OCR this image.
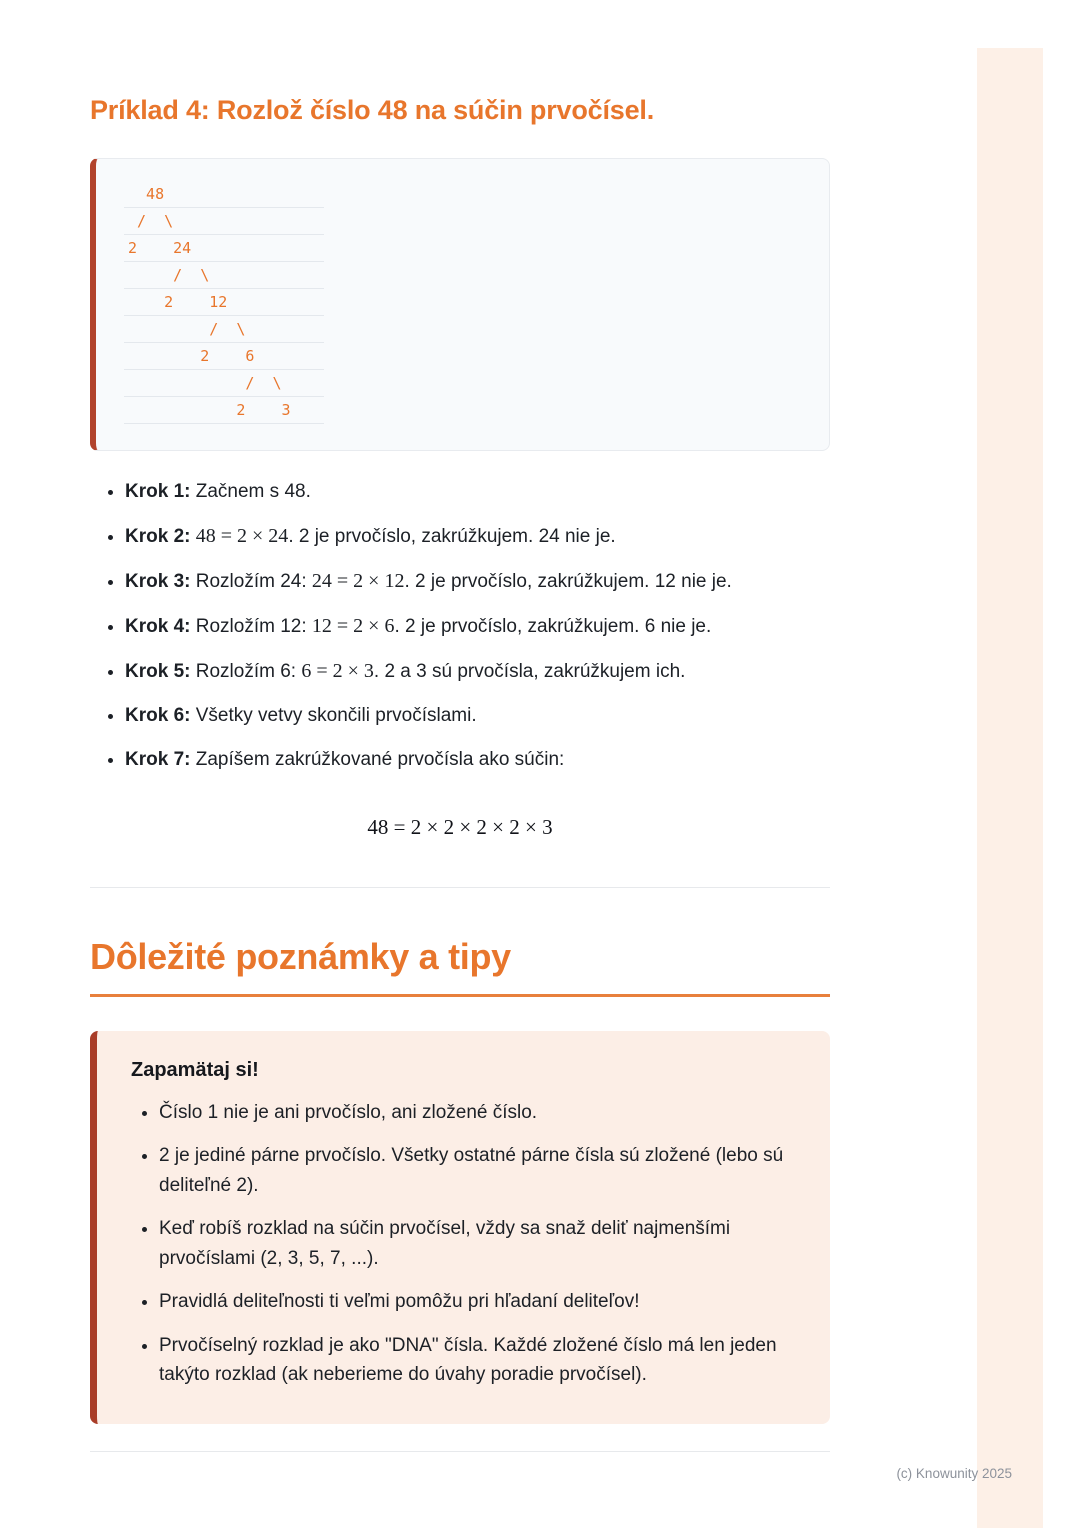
Príklad 4: Rozlož číslo 48 na súčin prvočísel.
48
/  \
2    24
/  \
2    12
/  \
2    6
/  \
2    3
• Krok 1: Začnem s 48.
• Krok 2: 48 = 2 × 24. 2 je prvočíslo, zakrúžkujem. 24 nie je.
• Krok 3: Rozložím 24: 24 = 2 × 12. 2 je prvočíslo, zakrúžkujem. 12 nie je.
• Krok 4: Rozložím 12: 12 = 2 × 6. 2 je prvočíslo, zakrúžkujem. 6 nie je.
• Krok 5: Rozložím 6: 6 = 2 × 3. 2 a 3 sú prvočísla, zakrúžkujem ich.
• Krok 6: Všetky vetvy skončili prvočíslami.
• Krok 7: Zapíšem zakrúžkované prvočísla ako súčin:
48 = 2 × 2 × 2 × 2 × 3
Dôležité poznámky a tipy
Zapamätaj si!
• Číslo 1 nie je ani prvočíslo, ani zložené číslo.
• 2 je jediné párne prvočíslo. Všetky ostatné párne čísla sú zložené (lebo sú deliteľné 2).
• Keď robíš rozklad na súčin prvočísel, vždy sa snaž deliť najmenšími prvočíslami (2, 3, 5, 7, ...).
• Pravidlá deliteľnosti ti veľmi pomôžu pri hľadaní deliteľov!
• Prvočíselný rozklad je ako "DNA" čísla. Každé zložené číslo má len jeden takýto rozklad (ak neberieme do úvahy poradie prvočísel).
(c) Knowunity 2025
